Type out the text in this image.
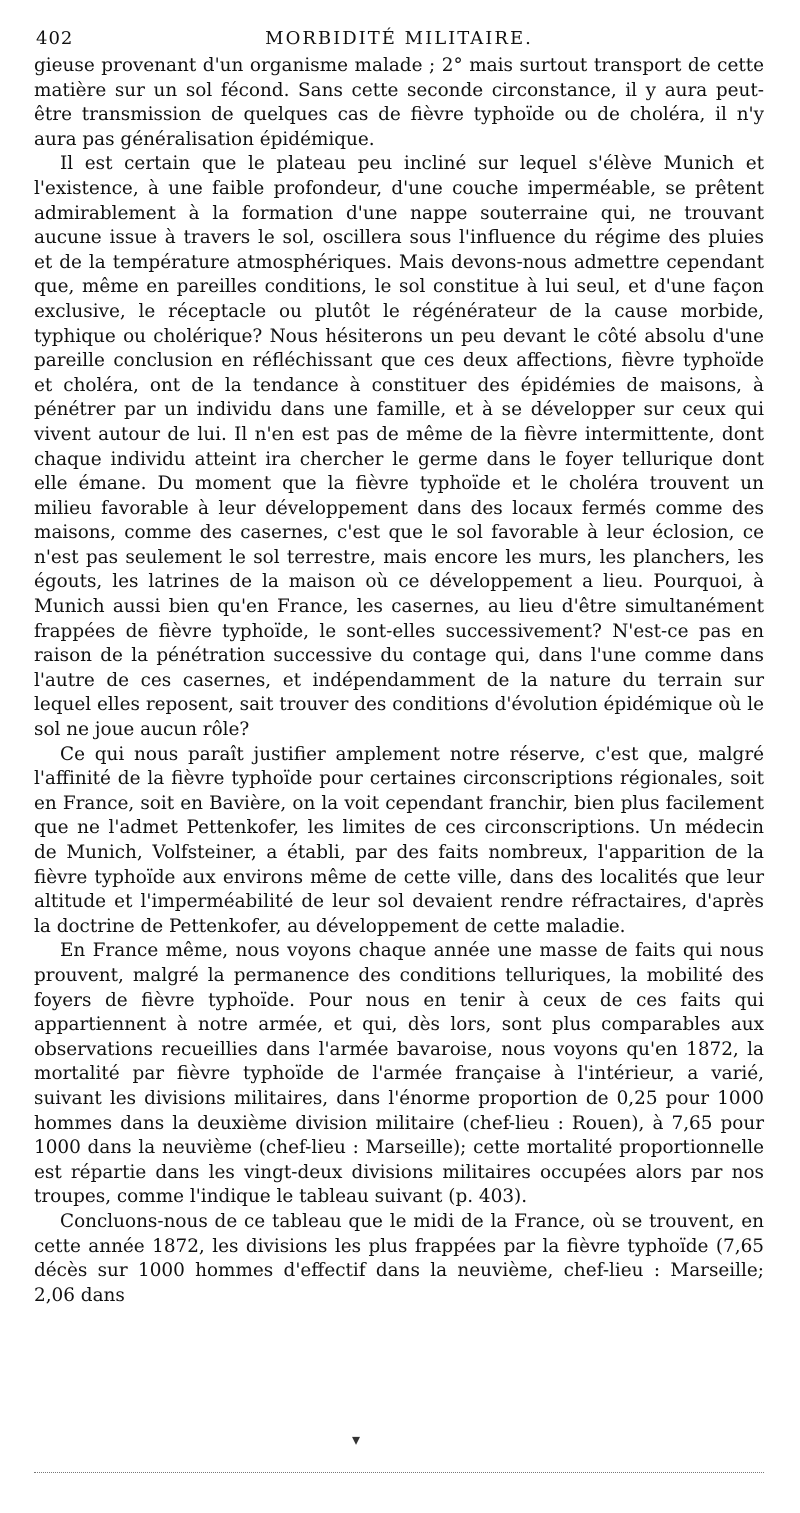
402	MORBIDITÉ MILITAIRE.

gieuse provenant d'un organisme malade ; 2° mais surtout transport de cette matière sur un sol fécond. Sans cette seconde circonstance, il y aura peut-être transmission de quelques cas de fièvre typhoïde ou de choléra, il n'y aura pas généralisation épidémique.

Il est certain que le plateau peu incliné sur lequel s'élève Munich et l'existence, à une faible profondeur, d'une couche imperméable, se prêtent admirablement à la formation d'une nappe souterraine qui, ne trouvant aucune issue à travers le sol, oscillera sous l'influence du régime des pluies et de la température atmosphériques. Mais devons-nous admettre cependant que, même en pareilles conditions, le sol constitue à lui seul, et d'une façon exclusive, le réceptacle ou plutôt le régénérateur de la cause morbide, typhique ou cholérique? Nous hésiterons un peu devant le côté absolu d'une pareille conclusion en réfléchissant que ces deux affections, fièvre typhoïde et choléra, ont de la tendance à constituer des épidémies de maisons, à pénétrer par un individu dans une famille, et à se développer sur ceux qui vivent autour de lui. Il n'en est pas de même de la fièvre intermittente, dont chaque individu atteint ira chercher le germe dans le foyer tellurique dont elle émane. Du moment que la fièvre typhoïde et le choléra trouvent un milieu favorable à leur développement dans des locaux fermés comme des maisons, comme des casernes, c'est que le sol favorable à leur éclosion, ce n'est pas seulement le sol terrestre, mais encore les murs, les planchers, les égouts, les latrines de la maison où ce développement a lieu. Pourquoi, à Munich aussi bien qu'en France, les casernes, au lieu d'être simultanément frappées de fièvre typhoïde, le sont-elles successivement? N'est-ce pas en raison de la pénétration successive du contage qui, dans l'une comme dans l'autre de ces casernes, et indépendamment de la nature du terrain sur lequel elles reposent, sait trouver des conditions d'évolution épidémique où le sol ne joue aucun rôle?

Ce qui nous paraît justifier amplement notre réserve, c'est que, malgré l'affinité de la fièvre typhoïde pour certaines circonscriptions régionales, soit en France, soit en Bavière, on la voit cependant franchir, bien plus facilement que ne l'admet Pettenkofer, les limites de ces circonscriptions. Un médecin de Munich, Volfsteiner, a établi, par des faits nombreux, l'apparition de la fièvre typhoïde aux environs même de cette ville, dans des localités que leur altitude et l'imperméabilité de leur sol devaient rendre réfractaires, d'après la doctrine de Pettenkofer, au développement de cette maladie.

En France même, nous voyons chaque année une masse de faits qui nous prouvent, malgré la permanence des conditions telluriques, la mobilité des foyers de fièvre typhoïde. Pour nous en tenir à ceux de ces faits qui appartiennent à notre armée, et qui, dès lors, sont plus comparables aux observations recueillies dans l'armée bavaroise, nous voyons qu'en 1872, la mortalité par fièvre typhoïde de l'armée française à l'intérieur, a varié, suivant les divisions militaires, dans l'énorme proportion de 0,25 pour 1000 hommes dans la deuxième division militaire (chef-lieu : Rouen), à 7,65 pour 1000 dans la neuvième (chef-lieu : Marseille); cette mortalité proportionnelle est répartie dans les vingt-deux divisions militaires occupées alors par nos troupes, comme l'indique le tableau suivant (p. 403).

Concluons-nous de ce tableau que le midi de la France, où se trouvent, en cette année 1872, les divisions les plus frappées par la fièvre typhoïde (7,65 décès sur 1000 hommes d'effectif dans la neuvième, chef-lieu : Marseille; 2,06 dans

▾
